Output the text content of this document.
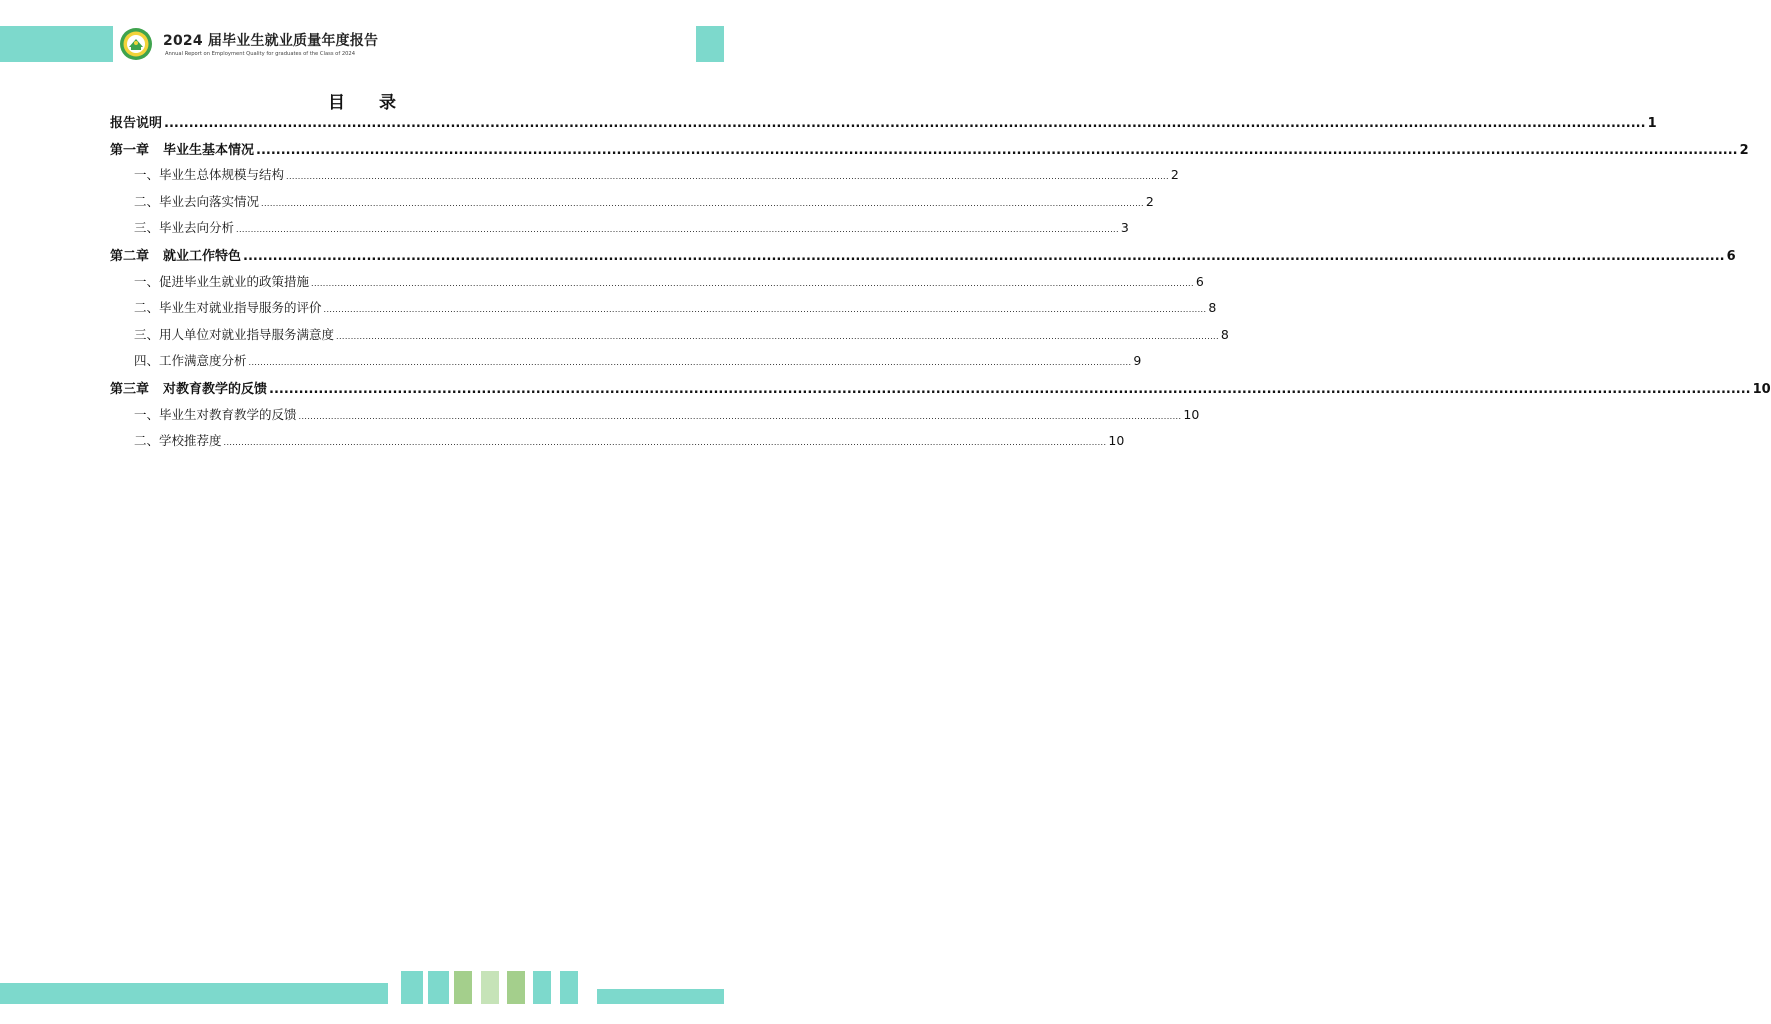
2024 届毕业生就业质量年度报告
Annual Report on Employment Quality for graduates of the Class of 2024
目 录
报告说明 ............................................................................................................................................................................................................................................................................................................ 1
第一章 毕业生基本情况 ............................................................................................................................................................................................................................................................................................................ 2
一、毕业生总体规模与结构 ............................................................................................................................................................................................................................................................................................................ 2
二、毕业去向落实情况 ............................................................................................................................................................................................................................................................................................................ 2
三、毕业去向分析 ............................................................................................................................................................................................................................................................................................................ 3
第二章 就业工作特色 ............................................................................................................................................................................................................................................................................................................ 6
一、促进毕业生就业的政策措施 ............................................................................................................................................................................................................................................................................................................ 6
二、毕业生对就业指导服务的评价 ............................................................................................................................................................................................................................................................................................................ 8
三、用人单位对就业指导服务满意度 ............................................................................................................................................................................................................................................................................................................ 8
四、工作满意度分析 ............................................................................................................................................................................................................................................................................................................ 9
第三章 对教育教学的反馈 ............................................................................................................................................................................................................................................................................................................ 10
一、毕业生对教育教学的反馈 ............................................................................................................................................................................................................................................................................................................ 10
二、学校推荐度 ............................................................................................................................................................................................................................................................................................................ 10
